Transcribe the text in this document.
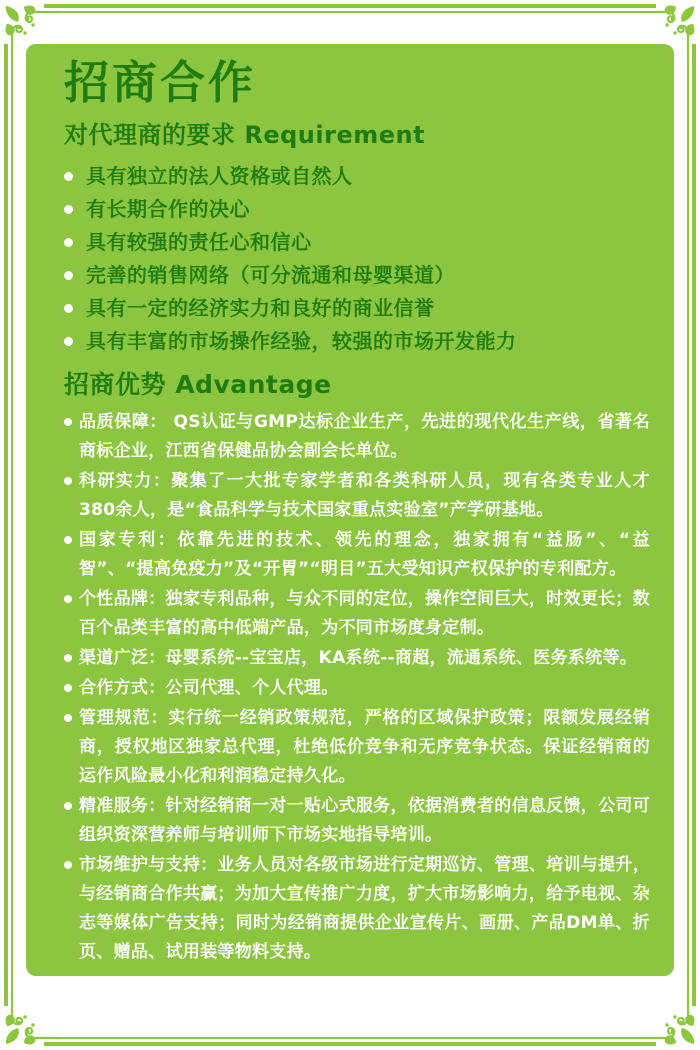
招商合作
对代理商的要求 Requirement
具有独立的法人资格或自然人
有长期合作的决心
具有较强的责任心和信心
完善的销售网络（可分流通和母婴渠道）
具有一定的经济实力和良好的商业信誉
具有丰富的市场操作经验，较强的市场开发能力
招商优势 Advantage
品质保障： QS认证与GMP达标企业生产，先进的现代化生产线，省著名商标企业，江西省保健品协会副会长单位。
科研实力：聚集了一大批专家学者和各类科研人员，现有各类专业人才380余人，是“食品科学与技术国家重点实验室”产学研基地。
国家专利：依靠先进的技术、领先的理念，独家拥有“益肠”、“益智”、“提高免疫力”及“开胃”“明目”五大受知识产权保护的专利配方。
个性品牌：独家专利品种，与众不同的定位，操作空间巨大，时效更长；数百个品类丰富的高中低端产品，为不同市场度身定制。
渠道广泛：母婴系统--宝宝店，KA系统--商超，流通系统、医务系统等。
合作方式：公司代理、个人代理。
管理规范：实行统一经销政策规范，严格的区域保护政策；限额发展经销商，授权地区独家总代理，杜绝低价竞争和无序竞争状态。保证经销商的 运作风险最小化和利润稳定持久化。
精准服务：针对经销商一对一贴心式服务，依据消费者的信息反馈，公司可组织资深营养师与培训师下市场实地指导培训。
市场维护与支持：业务人员对各级市场进行定期巡访、管理、培训与提升，与经销商合作共赢；为加大宣传推广力度，扩大市场影响力，给予电视、杂志等媒体广告支持；同时为经销商提供企业宣传片、画册、产品DM单、折页、赠品、试用装等物料支持。
